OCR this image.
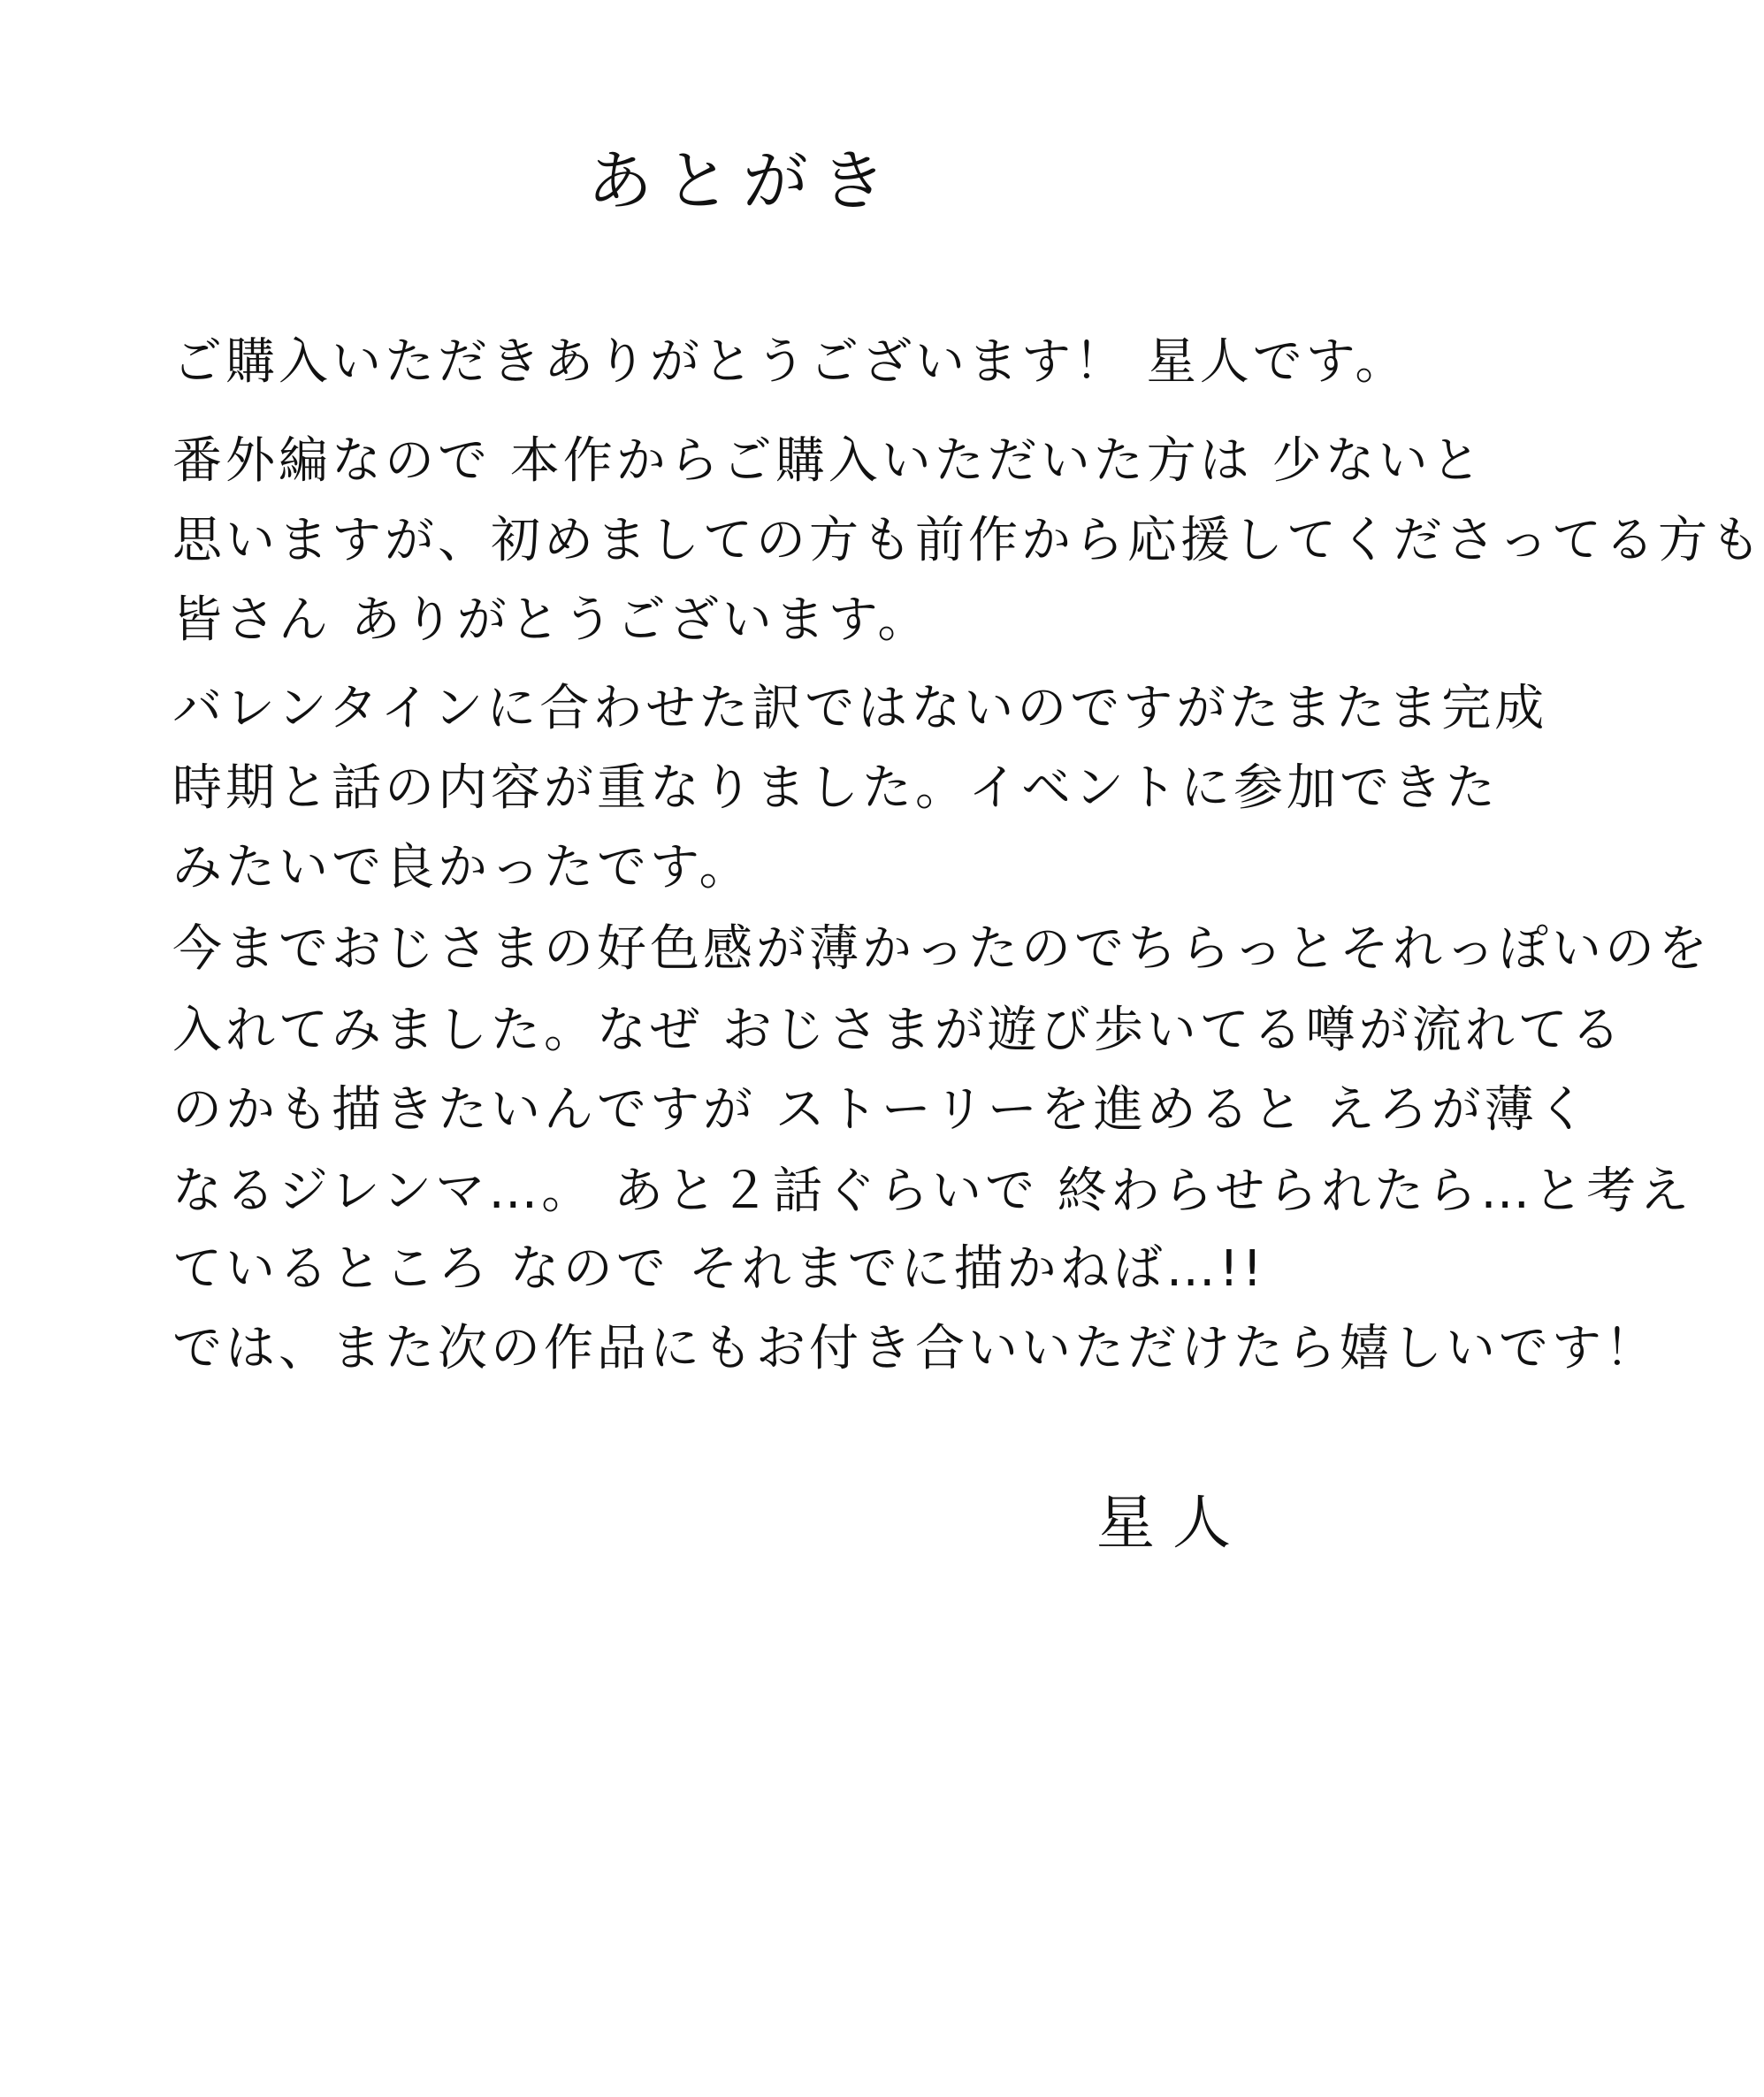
あとがき
ご購入いただきありがとうございます！ 星人です。
番外編なので 本作からご購入いただいた方は 少ないと
思いますが、初めましての方も前作から応援してくださってる方も
皆さん ありがとうございます。
バレンタインに合わせた訳ではないのですがたまたま完成
時期と話の内容が重なりました。イベントに参加できた
みたいで良かったです。
今までおじさまの好色感が薄かったのでちらっとそれっぽいのを
入れてみました。なぜ おじさまが遊び歩いてる噂が流れてる
のかも描きたいんですが ストーリーを進めると えろが薄く
なるジレンマ…。 あと２話ぐらいで 終わらせられたら…と考え
ているところ なので それまでに描かねば…!!
では、また次の作品にもお付き合いいただけたら嬉しいです！
星人
